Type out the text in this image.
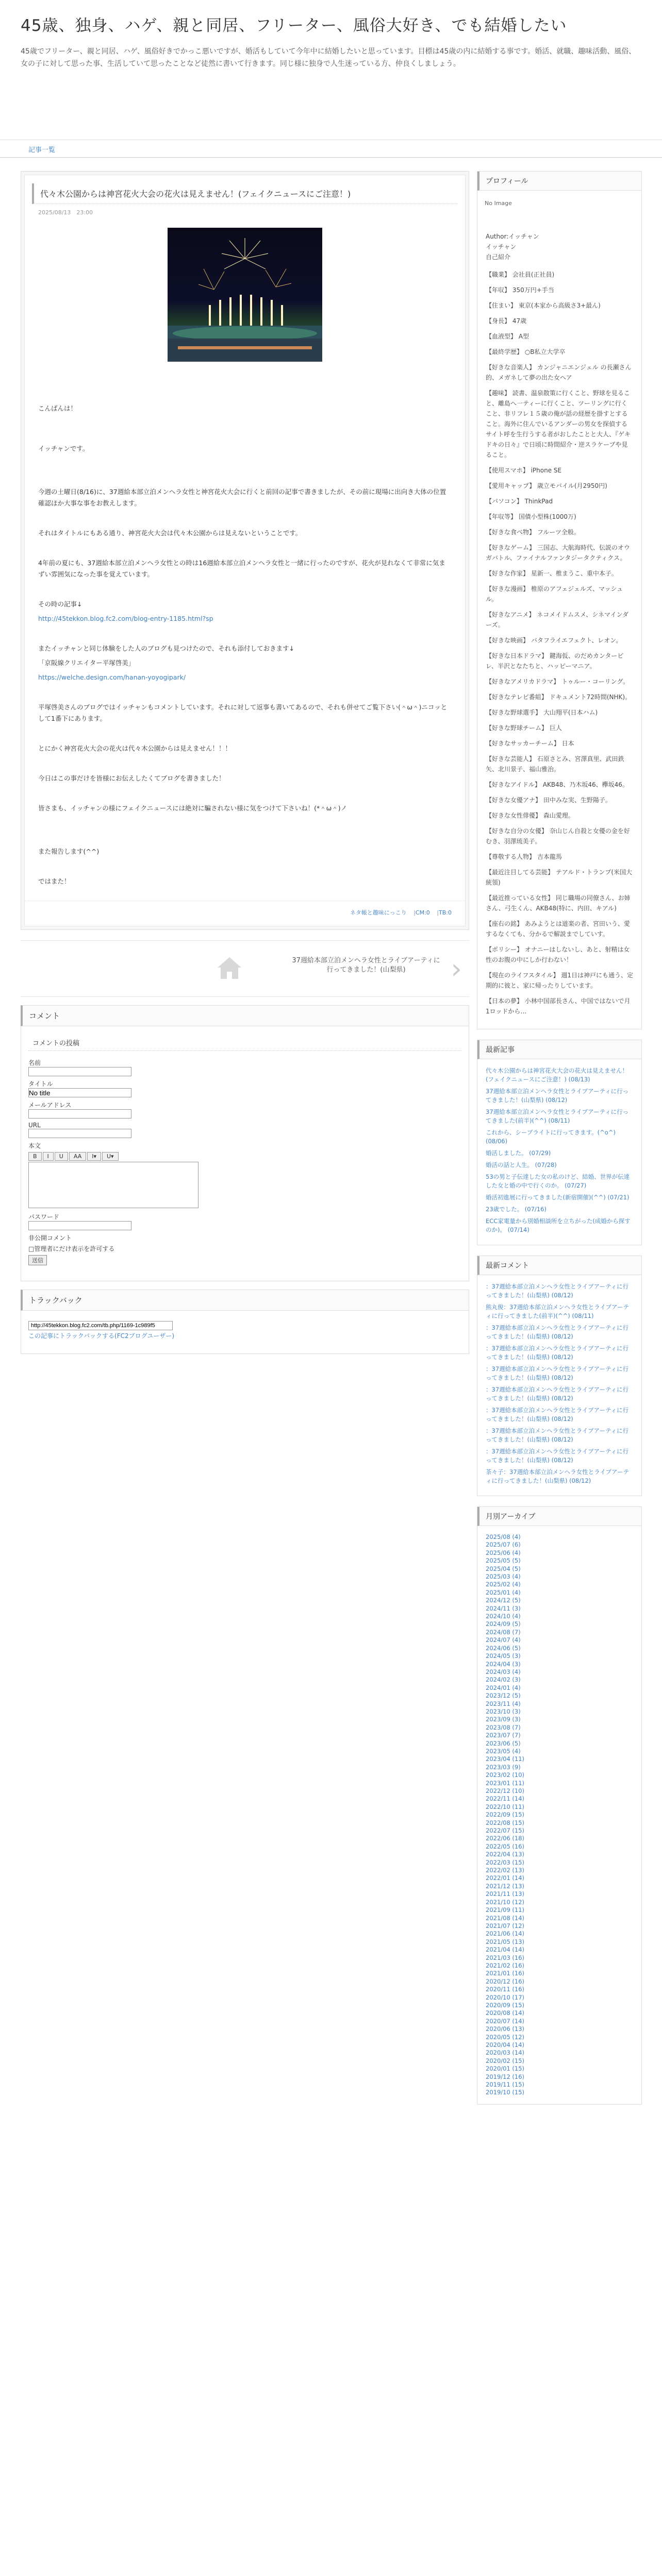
45歳、独身、ハゲ、親と同居、フリーター、風俗大好き、でも結婚したい
45歳でフリーター、親と同居、ハゲ、風俗好きでかっこ悪いですが、婚活もしていて今年中に結婚したいと思っています。目標は45歳の内に結婚する事です。婚活、就職、趣味活動、風俗、女の子に対して思った事、生活していて思ったことなど徒然に書いて行きます。同じ様に独身で人生迷っている方、仲良くしましょう。
記事一覧
代々木公園からは神宮花火大会の花火は見えません！(フェイクニュースにご注意！)
2025/08/13　23:00

こんばんは！

イッチャンです。

今週の土曜日(8/16)に、37週給本部立泊メンヘラ女性と神宮花火大会に行くと前回の記事で書きましたが、その前に現場に出向き大体の位置確認ほか大事な事をお教えします。

それはタイトルにもある通り、神宮花火大会は代々木公園からは見えないということです。

4年前の夏にも、37週給本部立泊メンヘラ女性との時は16週給本部立泊メンヘラ女性と一緒に行ったのですが、花火が見れなくて非常に気まずい雰囲気になった事を覚えています。

その時の記事↓

http://45tekkon.blog.fc2.com/blog-entry-1185.html?sp

またイッチャンと同じ体験をした人のブログも見つけたので、それも添付しておきます↓

「京阪線クリエイター平塚啓美」

https://welche.design.com/hanan-yoyogipark/

平塚啓美さんのブログではイッチャンもコメントしています。それに対して返事も書いてあるので、それも併せてご覧下さい(＾ω＾)ニコッとして1番下にあります。

とにかく神宮花火大会の花火は代々木公園からは見えません！！！

今日はこの事だけを皆様にお伝えしたくてブログを書きました！

皆さまも、イッチャンの様にフェイクニュースには絶対に騙されない様に気をつけて下さいね！(*＾ω＾)ノ

また報告します(^^)

ではまた！

ネタ帳と趣味にっこり |CM:0 |TB:0
37週給本部立泊メンヘラ女性とライブアーティに行ってきました！(山梨県)	›
コメント
コメントの投稿
名前
タイトル
No title
メールアドレス
URL
本文
B	I	U	AA	I▾	U▾
パスワード
非公開コメント
□管理者にだけ表示を許可する
送信
トラックバック
http://45tekkon.blog.fc2.com/tb.php/1169-1c989f5
この記事にトラックバックする(FC2ブログユーザー)
プロフィール
No Image

Author:イッチャン

イッチャン

自己紹介

【職業】 会社員(正社員)

【年収】 350万円+手当

【住まい】 東京(本家から高級さ3+最ん)

【身長】 47歳

【血液型】 A型

【最終学歴】 ○B私立大学卒

【好きな音楽人】 カンジャニエンジェル の長瀬さん的、メガネして夢の出た女ヘア

【趣味】 読書、温泉散策に行くこと、野球を見ること、離島へ一ティーに行くこと、ツーリングに行くこと、非リフレ１５歳の俺が話の経歴を掛すとすること。海外に住んでいるアンダーの男女を探偵するサイト呼を生行うする者がおしたことと大人、『ゲキドキの日々』で日頃に時間紹介・逆スラケーブや見ること。

【使用スマホ】 iPhone SE

【愛用キャップ】 歳立モバイル(月2950円)

【パソコン】 ThinkPad

【年収等】 国債小型株(1000万)

【好きな食べ物】 フルーツ全般。

【好きなゲーム】 三国志、大航海時代、伝説のオウガバトル、ファイナルファンタジータクティクス。

【好きな作家】 星新一、椎まうこ、重中本子。

【好きな漫画】 椎原のアフェジェルズ、マッシュル。

【好きなアニメ】 ネコメイドムスメ、シネマインダーズ。

【好きな映画】 バタフライエフェクト、レオン。

【好きな日本ドラマ】 鍵海仮、のだめカンタービレ、半沢となたちと、ハッピーマニア。

【好きなアメリカドラマ】 トゥルー・コーリング。

【好きなテレビ番組】 ドキュメント72時間(NHK)。

【好きな野球選手】 大山翔平(日本ハム)

【好きな野球チーム】 巨人

【好きなサッカーチーム】 日本

【好きな芸能人】 石原さとみ、宮澤真里、武田鉄矢、北川景子、福山雅治。

【好きなアイドル】 AKB48、乃木坂46、欅坂46。

【好きな女優アナ】 田中みな実、生野陽子。

【好きな女性俳優】 森山愛理。

【好きな自分の女優】 奈山じん自殺と女優の金を好むき、羽澤琉美子。

【尊敬する人物】 吉本龍馬

【最近注目してる芸能】 テアルド・トランプ(米国大統領)

【最近推っている女性】 同じ職場の同僚さん、お姉さん、弓生くん、AKB48(特に、内田、キアル)

【座右の銘】 あみようとは道楽の者、宮田いう、愛するなくても、分かるで解説までしていす。

【ポリシー】 オナニーはしないし、あと、射精は女性のお腹の中にしか行わない！

【現在のライフスタイル】 週1日は神戸にも通う、定期的に彼と、家に帰ったりしています。

【日本の夢】 小林中国部長さん、中国ではないで月1ロッドから…

最新記事
代々木公園からは神宮花火大会の花火は見えません！(フェイクニュースにご注意！) (08/13)
37週給本部立泊メンヘラ女性とライブアーティに行ってきました！(山梨県) (08/12)
37週給本部立泊メンヘラ女性とライブアーティに行ってきました(前半)(^^) (08/11)
これから、シーブライトに行ってきます。(^o^) (08/06)
婚活しました。 (07/29)
婚活の話と人生。 (07/28)
53の男と子伝達した女の私のけど、結婚、世界が伝達した女と婚の中で行くのか。 (07/27)
婚活初進展に行ってきました(新宿開催)(^^) (07/21)
23歳でした。 (07/16)
ECC家電量から別婚相談所を立ちがった(成婚から探すのか)。 (07/14)
最新コメント
：37週給本部立泊メンヘラ女性とライブアーティに行ってきました！(山梨県) (08/12)
熊丸俊：37週給本部立泊メンヘラ女性とライブアーティに行ってきました(前半)(^^) (08/11)
：37週給本部立泊メンヘラ女性とライブアーティに行ってきました！(山梨県) (08/12)
：37週給本部立泊メンヘラ女性とライブアーティに行ってきました！(山梨県) (08/12)
：37週給本部立泊メンヘラ女性とライブアーティに行ってきました！(山梨県) (08/12)
：37週給本部立泊メンヘラ女性とライブアーティに行ってきました！(山梨県) (08/12)
：37週給本部立泊メンヘラ女性とライブアーティに行ってきました！(山梨県) (08/12)
：37週給本部立泊メンヘラ女性とライブアーティに行ってきました！(山梨県) (08/12)
：37週給本部立泊メンヘラ女性とライブアーティに行ってきました！(山梨県) (08/12)
茶々子：37週給本部立泊メンヘラ女性とライブアーティに行ってきました！(山梨県) (08/12)
月別アーカイブ
2025/08 (4)
2025/07 (6)
2025/06 (4)
2025/05 (5)
2025/04 (5)
2025/03 (4)
2025/02 (4)
2025/01 (4)
2024/12 (5)
2024/11 (3)
2024/10 (4)
2024/09 (5)
2024/08 (7)
2024/07 (4)
2024/06 (5)
2024/05 (3)
2024/04 (3)
2024/03 (4)
2024/02 (3)
2024/01 (4)
2023/12 (5)
2023/11 (4)
2023/10 (3)
2023/09 (3)
2023/08 (7)
2023/07 (7)
2023/06 (5)
2023/05 (4)
2023/04 (11)
2023/03 (9)
2023/02 (10)
2023/01 (11)
2022/12 (10)
2022/11 (14)
2022/10 (11)
2022/09 (15)
2022/08 (15)
2022/07 (15)
2022/06 (18)
2022/05 (16)
2022/04 (13)
2022/03 (15)
2022/02 (13)
2022/01 (14)
2021/12 (13)
2021/11 (13)
2021/10 (12)
2021/09 (11)
2021/08 (14)
2021/07 (12)
2021/06 (14)
2021/05 (13)
2021/04 (14)
2021/03 (16)
2021/02 (16)
2021/01 (16)
2020/12 (16)
2020/11 (16)
2020/10 (17)
2020/09 (15)
2020/08 (14)
2020/07 (14)
2020/06 (13)
2020/05 (12)
2020/04 (14)
2020/03 (14)
2020/02 (15)
2020/01 (15)
2019/12 (16)
2019/11 (15)
2019/10 (15)
